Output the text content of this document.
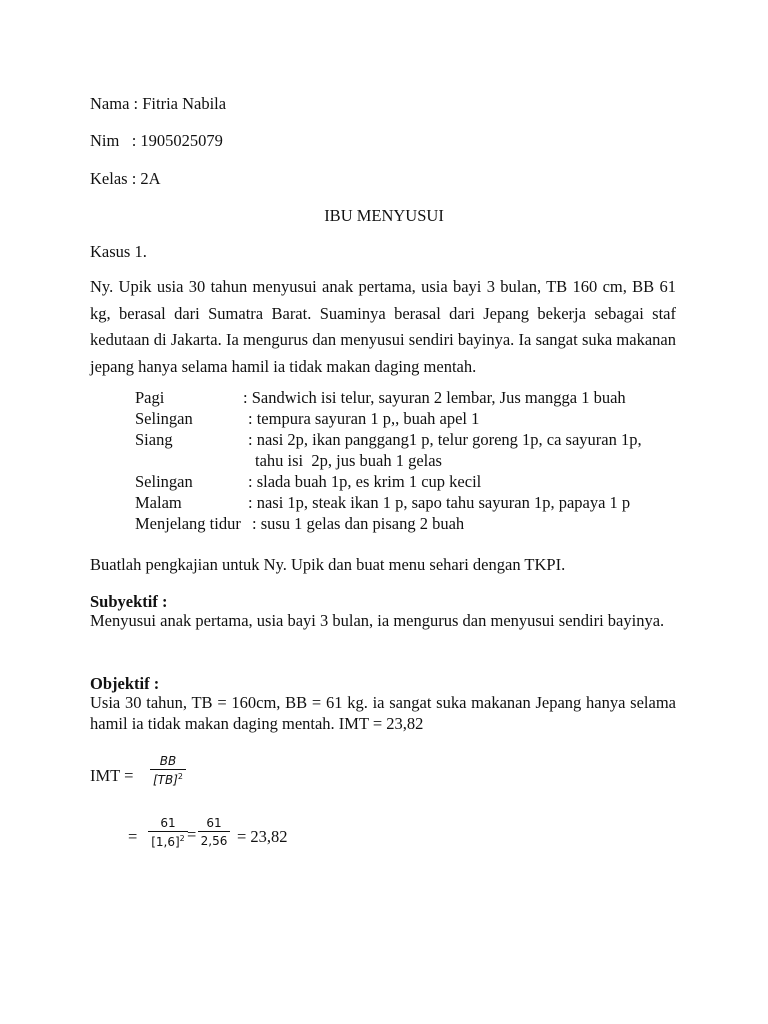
Nama : Fitria Nabila
Nim   : 1905025079
Kelas : 2A
IBU MENYUSUI
Kasus 1.
Ny. Upik usia 30 tahun menyusui anak pertama, usia bayi 3 bulan, TB 160 cm, BB 61 kg, berasal dari Sumatra Barat. Suaminya berasal dari Jepang bekerja sebagai staf kedutaan di Jakarta. Ia mengurus dan menyusui sendiri bayinya. Ia sangat suka makanan jepang hanya selama hamil ia tidak makan daging mentah.
Pagi	: Sandwich isi telur, sayuran 2 lembar, Jus mangga 1 buah
Selingan	: tempura sayuran 1 p,, buah apel 1
Siang	: nasi 2p, ikan panggang1 p, telur goreng 1p, ca sayuran 1p,
tahu isi  2p, jus buah 1 gelas
Selingan	: slada buah 1p, es krim 1 cup kecil
Malam	: nasi 1p, steak ikan 1 p, sapo tahu sayuran 1p, papaya 1 p
Menjelang tidur : susu 1 gelas dan pisang 2 buah
Buatlah pengkajian untuk Ny. Upik dan buat menu sehari dengan TKPI.
Subyektif :
Menyusui anak pertama, usia bayi 3 bulan, ia mengurus dan menyusui sendiri bayinya.
Objektif :
Usia 30 tahun, TB = 160cm, BB = 61 kg. ia sangat suka makanan Jepang hanya selama hamil ia tidak makan daging mentah. IMT = 23,82
IMT = $\frac{BB}{[TB]^2}$
= $\frac{61}{[1,6]^2} = \frac{61}{2,56} = 23,82$
